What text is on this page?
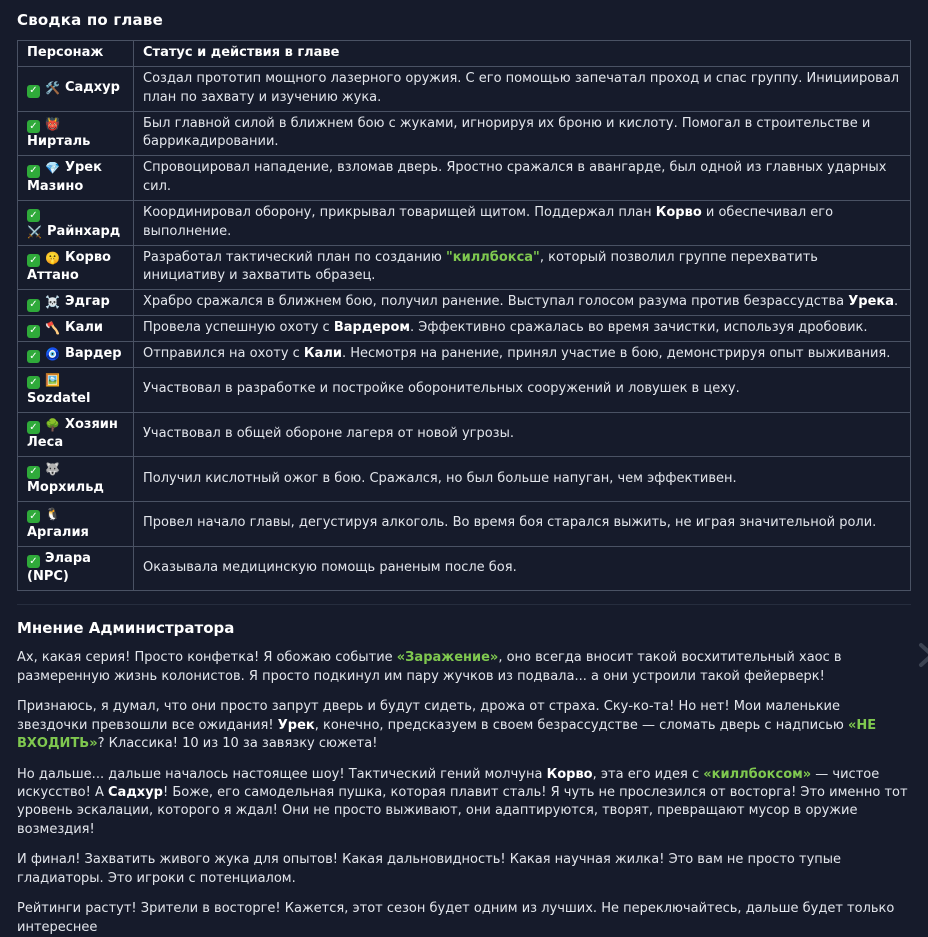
Сводка по главе
Персонаж	Статус и действия в главе
✓ 🛠️ Садхур	Создал прототип мощного лазерного оружия. С его помощью запечатал проход и спас группу. Инициировал план по захвату и изучению жука.
✓ 👹Нирталь	Был главной силой в ближнем бою с жуками, игнорируя их броню и кислоту. Помогал в строительстве и баррикадировании.
✓ 💎 Урек Мазино	Спровоцировал нападение, взломав дверь. Яростно сражался в авангарде, был одной из главных ударных сил.
✓⚔️ Райнхард	Координировал оборону, прикрывал товарищей щитом. Поддержал план Корво и обеспечивал его выполнение.
✓ 🤫 Корво Аттано	Разработал тактический план по созданию "киллбокса", который позволил группе перехватить инициативу и захватить образец.
✓ ☠️ Эдгар	Храбро сражался в ближнем бою, получил ранение. Выступал голосом разума против безрассудства Урека.
✓ 🪓 Кали	Провела успешную охоту с Вардером. Эффективно сражалась во время зачистки, используя дробовик.
✓ 🧿 Вардер	Отправился на охоту с Кали. Несмотря на ранение, принял участие в бою, демонстрируя опыт выживания.
✓ 🖼️Sozdatel	Участвовал в разработке и постройке оборонительных сооружений и ловушек в цеху.
✓ 🌳 Хозяин Леса	Участвовал в общей обороне лагеря от новой угрозы.
✓ 🐺Морхильд	Получил кислотный ожог в бою. Сражался, но был больше напуган, чем эффективен.
✓ 🐧Аргалия	Провел начало главы, дегустируя алкоголь. Во время боя старался выжить, не играя значительной роли.
✓ Элара (NPC)	Оказывала медицинскую помощь раненым после боя.
Мнение Администратора

Ах, какая серия! Просто конфетка! Я обожаю событие «Заражение», оно всегда вносит такой восхитительный хаос в размеренную жизнь колонистов. Я просто подкинул им пару жучков из подвала... а они устроили такой фейерверк!

Признаюсь, я думал, что они просто запрут дверь и будут сидеть, дрожа от страха. Ску-ко-та! Но нет! Мои маленькие звездочки превзошли все ожидания! Урек, конечно, предсказуем в своем безрассудстве — сломать дверь с надписью «НЕ ВХОДИТЬ»? Классика! 10 из 10 за завязку сюжета!

Но дальше... дальше началось настоящее шоу! Тактический гений молчуна Корво, эта его идея с «киллбоксом» — чистое искусство! А Садхур! Боже, его самодельная пушка, которая плавит сталь! Я чуть не прослезился от восторга! Это именно тот уровень эскалации, которого я ждал! Они не просто выживают, они адаптируются, творят, превращают мусор в оружие возмездия!

И финал! Захватить живого жука для опытов! Какая дальновидность! Какая научная жилка! Это вам не просто тупые гладиаторы. Это игроки с потенциалом.

Рейтинги растут! Зрители в восторге! Кажется, этот сезон будет одним из лучших. Не переключайтесь, дальше будет только интереснее
